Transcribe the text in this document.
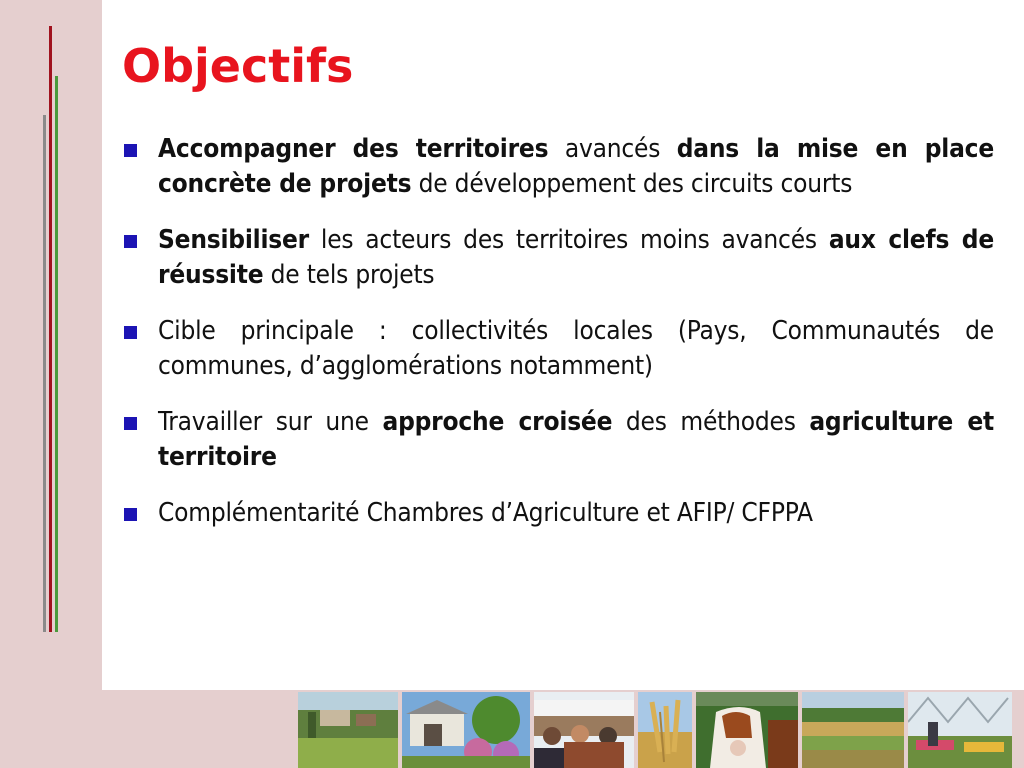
Objectifs
Accompagner des territoires avancés dans la mise en place concrète de projets de développement des circuits courts
Sensibiliser les acteurs des territoires moins avancés aux clefs de réussite de tels projets
Cible principale : collectivités locales (Pays, Communautés de communes, d’agglomérations notamment)
Travailler sur une approche croisée des méthodes agriculture et territoire
Complémentarité Chambres d’Agriculture et AFIP/ CFPPA
